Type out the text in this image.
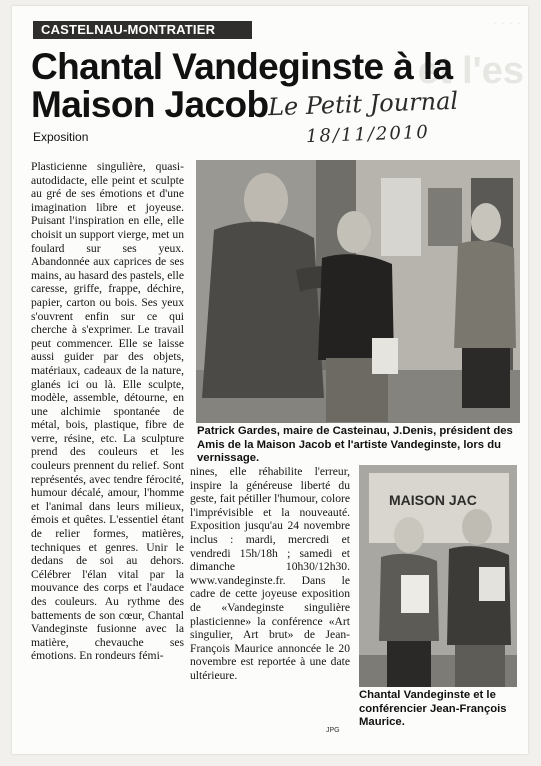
· · · ·
et l'es
CASTELNAU-MONTRATIER
Chantal Vandeginste à la
Maison Jacob Le Petit Journal
18/11/2010
Exposition
Plasticienne singulière, quasi-autodidacte, elle peint et sculpte au gré de ses émotions et d'une imagination libre et joyeuse. Puisant l'inspiration en elle, elle choisit un support vierge, met un foulard sur ses yeux. Abandonnée aux caprices de ses mains, au hasard des pastels, elle caresse, griffe, frappe, déchire, papier, carton ou bois. Ses yeux s'ouvrent enfin sur ce qui cherche à s'exprimer. Le travail peut commencer. Elle se laisse aussi guider par des objets, matériaux, cadeaux de la nature, glanés ici ou là. Elle sculpte, modèle, assemble, détourne, en une alchimie spontanée de métal, bois, plastique, fibre de verre, résine, etc. La sculpture prend des couleurs et les couleurs prennent du relief. Sont représentés, avec tendre férocité, humour décalé, amour, l'homme et l'animal dans leurs milieux, émois et quêtes. L'essentiel étant de relier formes, matières, techniques et genres. Unir le dedans de soi au dehors. Célébrer l'élan vital par la mouvance des corps et l'audace des couleurs. Au rythme des battements de son cœur, Chantal Vandeginste fusionne avec la matière, chevauche ses émotions. En rondeurs fémi-
Patrick Gardes, maire de Casteinau, J.Denis, président des Amis de la Maison Jacob et l'artiste Vandeginste, lors du vernissage.
nines, elle réhabilite l'erreur, inspire la généreuse liberté du geste, fait pétiller l'humour, colore l'imprévisible et la nouveauté. Exposition jusqu'au 24 novembre inclus : mardi, mercredi et vendredi 15h/18h ; samedi et dimanche 10h30/12h30. www.vandeginste.fr. Dans le cadre de cette joyeuse exposition de «Vandeginste singulière plasticienne» la conférence «Art singulier, Art brut» de Jean-François Maurice annoncée le 20 novembre est reportée à une date ultérieure.
MAISON JAC
Chantal Vandeginste et le conférencier Jean-François Maurice.
JPG
